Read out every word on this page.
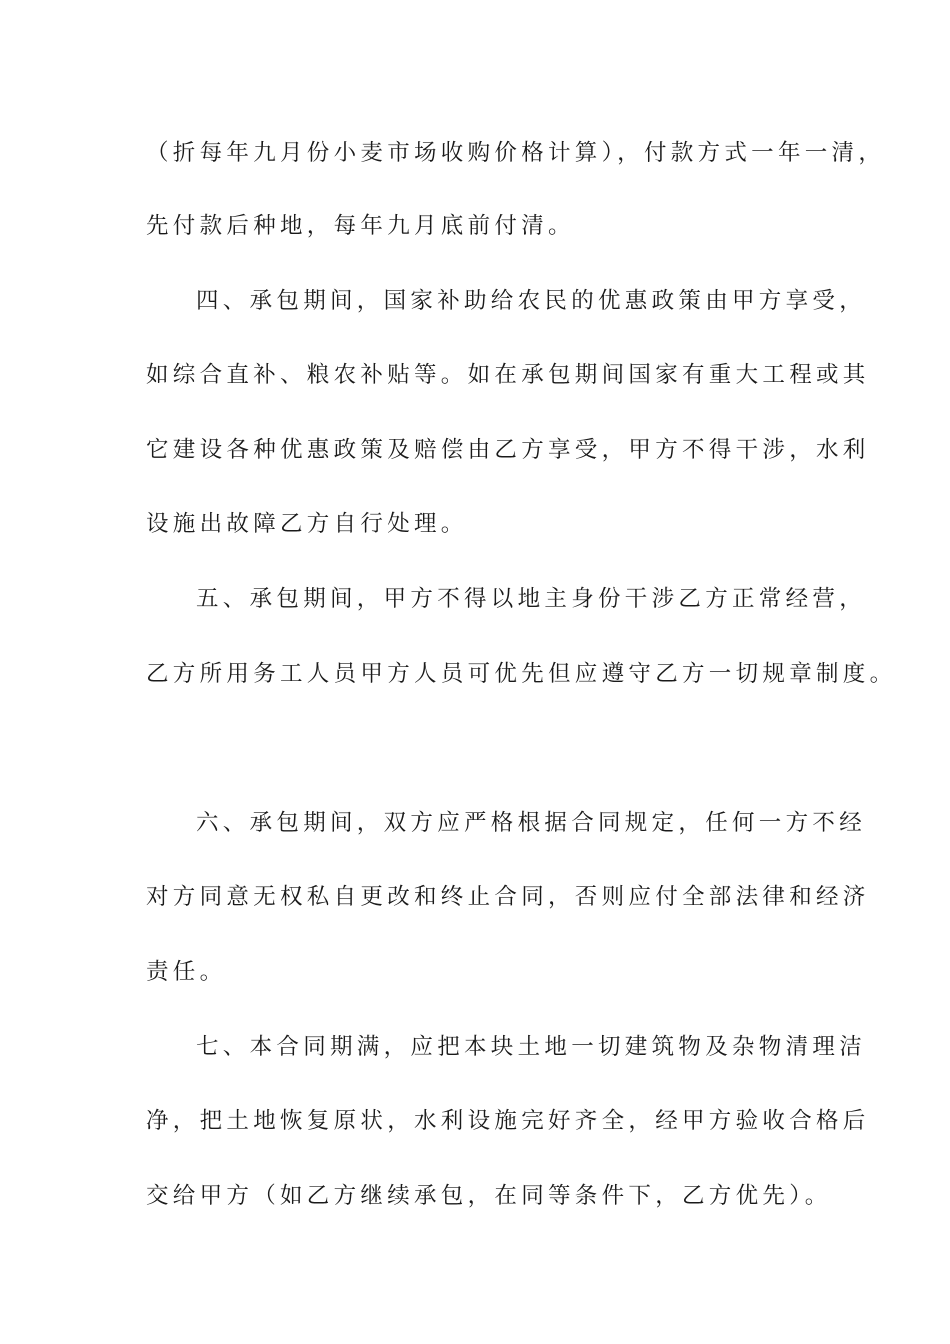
（折每年九月份小麦市场收购价格计算），付款方式一年一清，
先付款后种地，每年九月底前付清。
四、承包期间，国家补助给农民的优惠政策由甲方享受，
如综合直补、粮农补贴等。如在承包期间国家有重大工程或其
它建设各种优惠政策及赔偿由乙方享受，甲方不得干涉，水利
设施出故障乙方自行处理。
五、承包期间，甲方不得以地主身份干涉乙方正常经营，
乙方所用务工人员甲方人员可优先但应遵守乙方一切规章制度。
六、承包期间，双方应严格根据合同规定，任何一方不经
对方同意无权私自更改和终止合同，否则应付全部法律和经济
责任。
七、本合同期满，应把本块土地一切建筑物及杂物清理洁
净，把土地恢复原状，水利设施完好齐全，经甲方验收合格后
交给甲方（如乙方继续承包，在同等条件下，乙方优先）。
